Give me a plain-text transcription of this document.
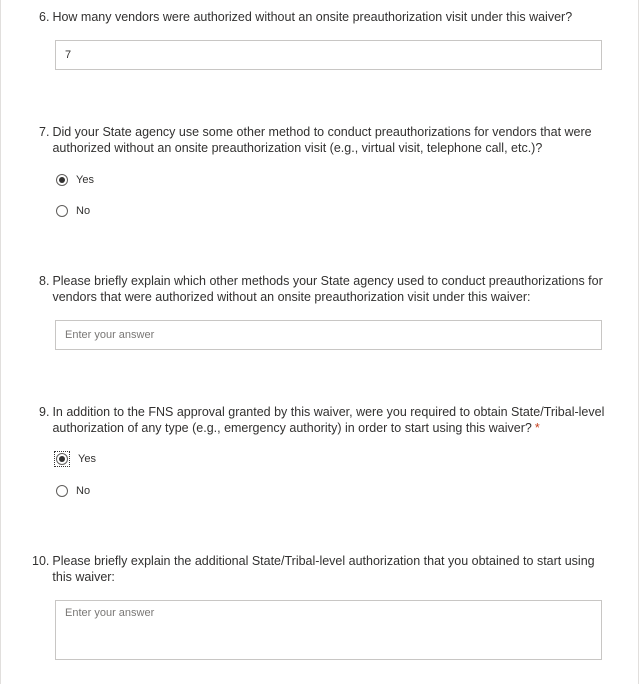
6. How many vendors were authorized without an onsite preauthorization visit under this waiver?
7
7. Did your State agency use some other method to conduct preauthorizations for vendors that were authorized without an onsite preauthorization visit (e.g., virtual visit, telephone call, etc.)?
Yes
No
8. Please briefly explain which other methods your State agency used to conduct preauthorizations for vendors that were authorized without an onsite preauthorization visit under this waiver:
Enter your answer
9. In addition to the FNS approval granted by this waiver, were you required to obtain State/Tribal-level authorization of any type (e.g., emergency authority) in order to start using this waiver? *
Yes
No
10. Please briefly explain the additional State/Tribal-level authorization that you obtained to start using this waiver:
Enter your answer
